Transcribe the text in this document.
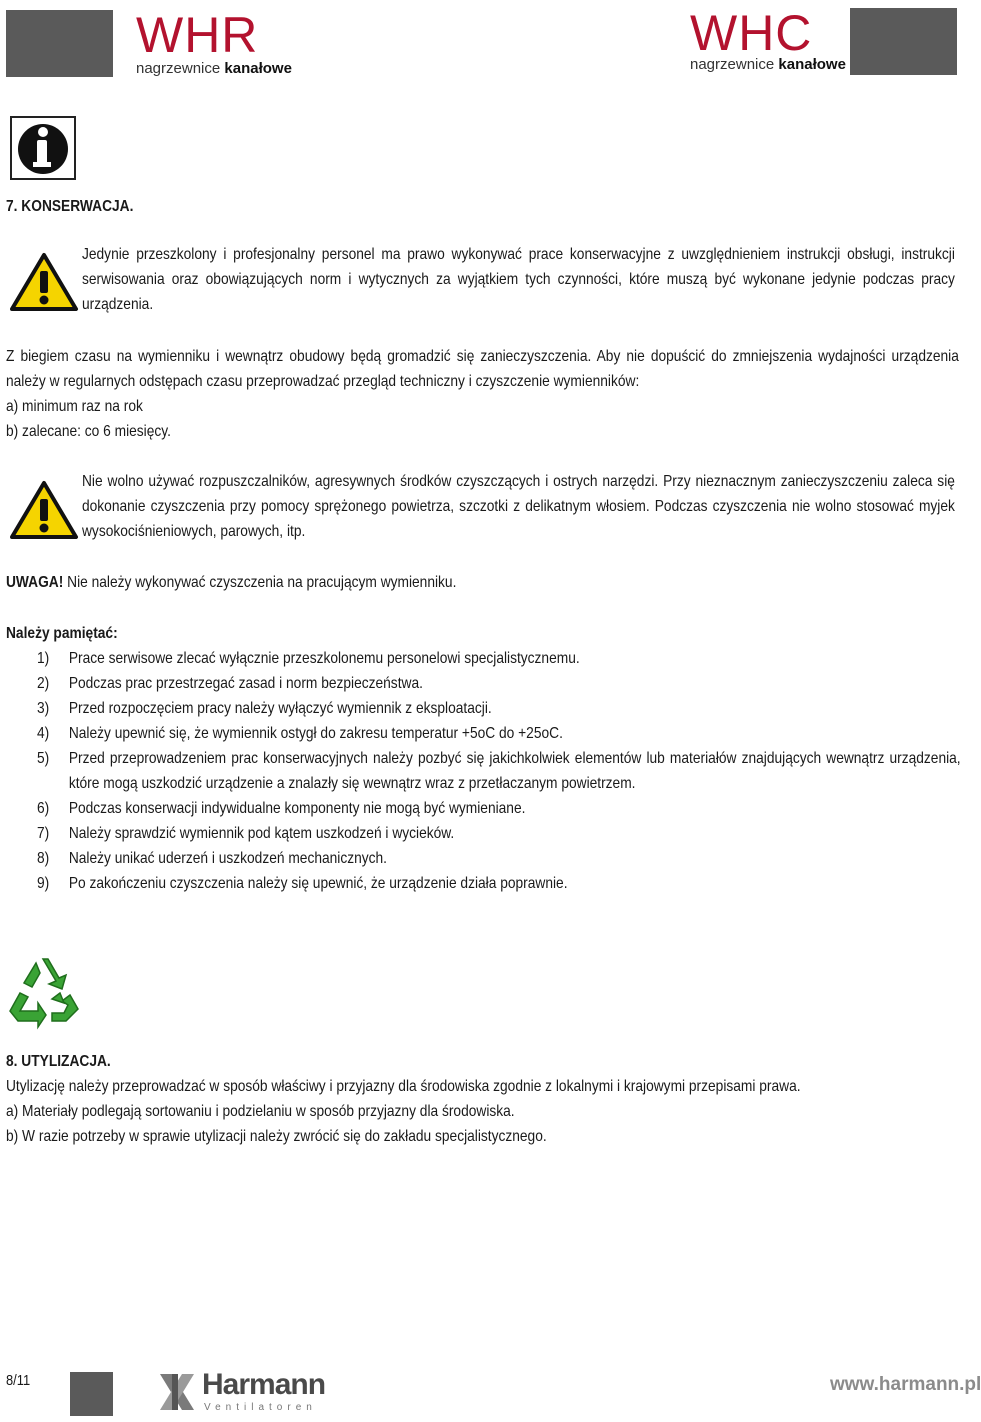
WHR
nagrzewnice kanałowe
WHC
nagrzewnice kanałowe
7. KONSERWACJA.
Jedynie przeszkolony i profesjonalny personel ma prawo wykonywać prace konserwacyjne z uwzględnieniem instrukcji obsługi, instrukcji serwisowania oraz obowiązujących norm i wytycznych za wyjątkiem tych czynności, które muszą być wykonane jedynie podczas pracy urządzenia.
Z biegiem czasu na wymienniku i wewnątrz obudowy będą gromadzić się zanieczyszczenia. Aby nie dopuścić do zmniejszenia wydajności urządzenia należy w regularnych odstępach czasu przeprowadzać przegląd techniczny i czyszczenie wymienników:
a) minimum raz na rok
b) zalecane: co 6 miesięcy.
Nie wolno używać rozpuszczalników, agresywnych środków czyszczących i ostrych narzędzi. Przy nieznacznym zanieczyszczeniu zaleca się dokonanie czyszczenia przy pomocy sprężonego powietrza, szczotki z delikatnym włosiem. Podczas czyszczenia nie wolno stosować myjek wysokociśnieniowych, parowych, itp.
UWAGA! Nie należy wykonywać czyszczenia na pracującym wymienniku.
Należy pamiętać:
1)	Prace serwisowe zlecać wyłącznie przeszkolonemu personelowi specjalistycznemu.
2)	Podczas prac przestrzegać zasad i norm bezpieczeństwa.
3)	Przed rozpoczęciem pracy należy wyłączyć wymiennik z eksploatacji.
4)	Należy upewnić się, że wymiennik ostygł do zakresu temperatur +5oC do +25oC.
5)	Przed przeprowadzeniem prac konserwacyjnych należy pozbyć się jakichkolwiek elementów lub materiałów znajdujących wewnątrz urządzenia, które mogą uszkodzić urządzenie a znalazły się wewnątrz wraz z przetłaczanym powietrzem.
6)	Podczas konserwacji indywidualne komponenty nie mogą być wymieniane.
7)	Należy sprawdzić wymiennik pod kątem uszkodzeń i wycieków.
8)	Należy unikać uderzeń i uszkodzeń mechanicznych.
9)	Po zakończeniu czyszczenia należy się upewnić, że urządzenie działa poprawnie.
8. UTYLIZACJA.
Utylizację należy przeprowadzać w sposób właściwy i przyjazny dla środowiska zgodnie z lokalnymi i krajowymi przepisami prawa.
a) Materiały podlegają sortowaniu i podzielaniu w sposób przyjazny dla środowiska.
b) W razie potrzeby w sprawie utylizacji należy zwrócić się do zakładu specjalistycznego.
8/11	Harmann
Ventilatoren
www.harmann.pl
